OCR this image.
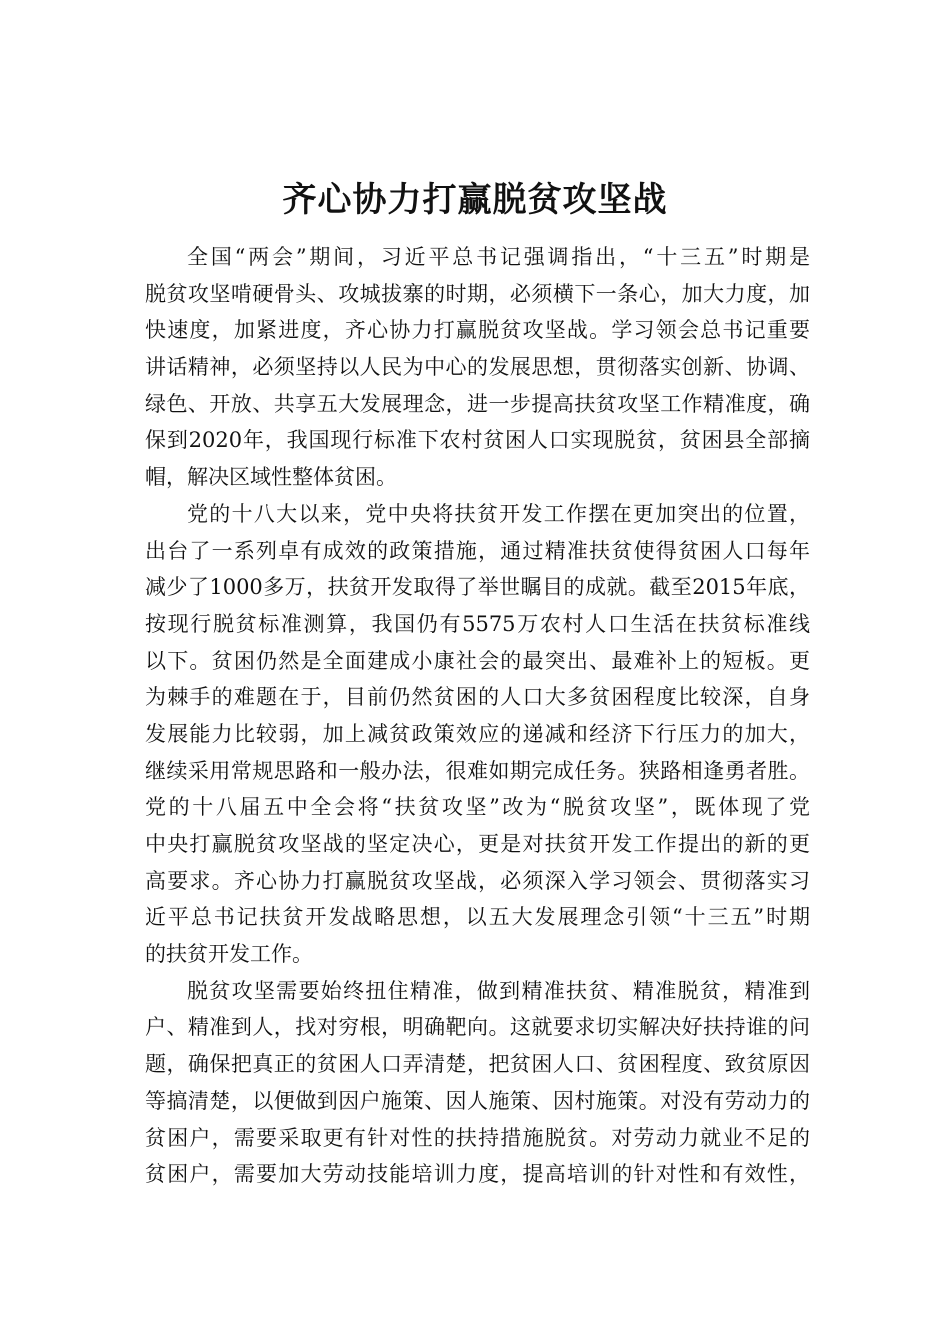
齐心协力打赢脱贫攻坚战
全国“两会”期间，习近平总书记强调指出，“十三五”时期是
脱贫攻坚啃硬骨头、攻城拔寨的时期，必须横下一条心，加大力度，加
快速度，加紧进度，齐心协力打赢脱贫攻坚战。学习领会总书记重要
讲话精神，必须坚持以人民为中心的发展思想，贯彻落实创新、协调、
绿色、开放、共享五大发展理念，进一步提高扶贫攻坚工作精准度，确
保到2020年，我国现行标准下农村贫困人口实现脱贫，贫困县全部摘
帽，解决区域性整体贫困。
党的十八大以来，党中央将扶贫开发工作摆在更加突出的位置，
出台了一系列卓有成效的政策措施，通过精准扶贫使得贫困人口每年
减少了1000多万，扶贫开发取得了举世瞩目的成就。截至2015年底，
按现行脱贫标准测算，我国仍有5575万农村人口生活在扶贫标准线
以下。贫困仍然是全面建成小康社会的最突出、最难补上的短板。更
为棘手的难题在于，目前仍然贫困的人口大多贫困程度比较深，自身
发展能力比较弱，加上减贫政策效应的递减和经济下行压力的加大，
继续采用常规思路和一般办法，很难如期完成任务。狭路相逢勇者胜。
党的十八届五中全会将“扶贫攻坚”改为“脱贫攻坚”，既体现了党
中央打赢脱贫攻坚战的坚定决心，更是对扶贫开发工作提出的新的更
高要求。齐心协力打赢脱贫攻坚战，必须深入学习领会、贯彻落实习
近平总书记扶贫开发战略思想，以五大发展理念引领“十三五”时期
的扶贫开发工作。
脱贫攻坚需要始终扭住精准，做到精准扶贫、精准脱贫，精准到
户、精准到人，找对穷根，明确靶向。这就要求切实解决好扶持谁的问
题，确保把真正的贫困人口弄清楚，把贫困人口、贫困程度、致贫原因
等搞清楚，以便做到因户施策、因人施策、因村施策。对没有劳动力的
贫困户，需要采取更有针对性的扶持措施脱贫。对劳动力就业不足的
贫困户，需要加大劳动技能培训力度，提高培训的针对性和有效性，
